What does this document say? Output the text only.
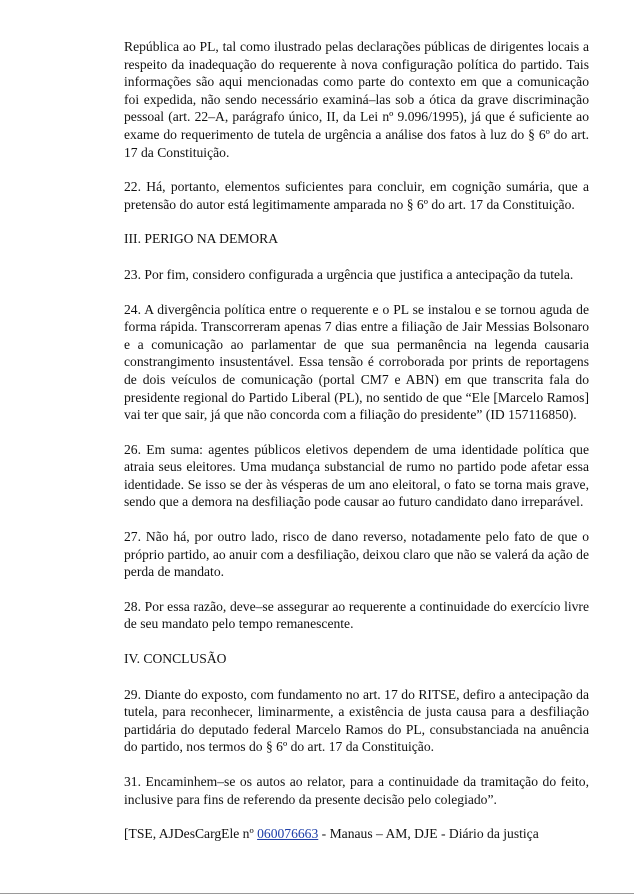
República ao PL, tal como ilustrado pelas declarações públicas de dirigentes locais a respeito da inadequação do requerente à nova configuração política do partido. Tais informações são aqui mencionadas como parte do contexto em que a comunicação foi expedida, não sendo necessário examiná–las sob a ótica da grave discriminação pessoal (art. 22–A, parágrafo único, II, da Lei nº 9.096/1995), já que é suficiente ao exame do requerimento de tutela de urgência a análise dos fatos à luz do § 6º do art. 17 da Constituição.

22. Há, portanto, elementos suficientes para concluir, em cognição sumária, que a pretensão do autor está legitimamente amparada no § 6º do art. 17 da Constituição.

III. PERIGO NA DEMORA

23. Por fim, considero configurada a urgência que justifica a antecipação da tutela.

24. A divergência política entre o requerente e o PL se instalou e se tornou aguda de forma rápida. Transcorreram apenas 7 dias entre a filiação de Jair Messias Bolsonaro e a comunicação ao parlamentar de que sua permanência na legenda causaria constrangimento insustentável. Essa tensão é corroborada por prints de reportagens de dois veículos de comunicação (portal CM7 e ABN) em que transcrita fala do presidente regional do Partido Liberal (PL), no sentido de que “Ele [Marcelo Ramos] vai ter que sair, já que não concorda com a filiação do presidente” (ID 157116850).

26. Em suma: agentes públicos eletivos dependem de uma identidade política que atraia seus eleitores. Uma mudança substancial de rumo no partido pode afetar essa identidade. Se isso se der às vésperas de um ano eleitoral, o fato se torna mais grave, sendo que a demora na desfiliação pode causar ao futuro candidato dano irreparável.

27. Não há, por outro lado, risco de dano reverso, notadamente pelo fato de que o próprio partido, ao anuir com a desfiliação, deixou claro que não se valerá da ação de perda de mandato.

28. Por essa razão, deve–se assegurar ao requerente a continuidade do exercício livre de seu mandato pelo tempo remanescente.

IV. CONCLUSÃO

29. Diante do exposto, com fundamento no art. 17 do RITSE, defiro a antecipação da tutela, para reconhecer, liminarmente, a existência de justa causa para a desfiliação partidária do deputado federal Marcelo Ramos do PL, consubstanciada na anuência do partido, nos termos do § 6º do art. 17 da Constituição.

31. Encaminhem–se os autos ao relator, para a continuidade da tramitação do feito, inclusive para fins de referendo da presente decisão pelo colegiado”.

[TSE, AJDesCargEle nº 060076663 - Manaus – AM, DJE - Diário da justiça
